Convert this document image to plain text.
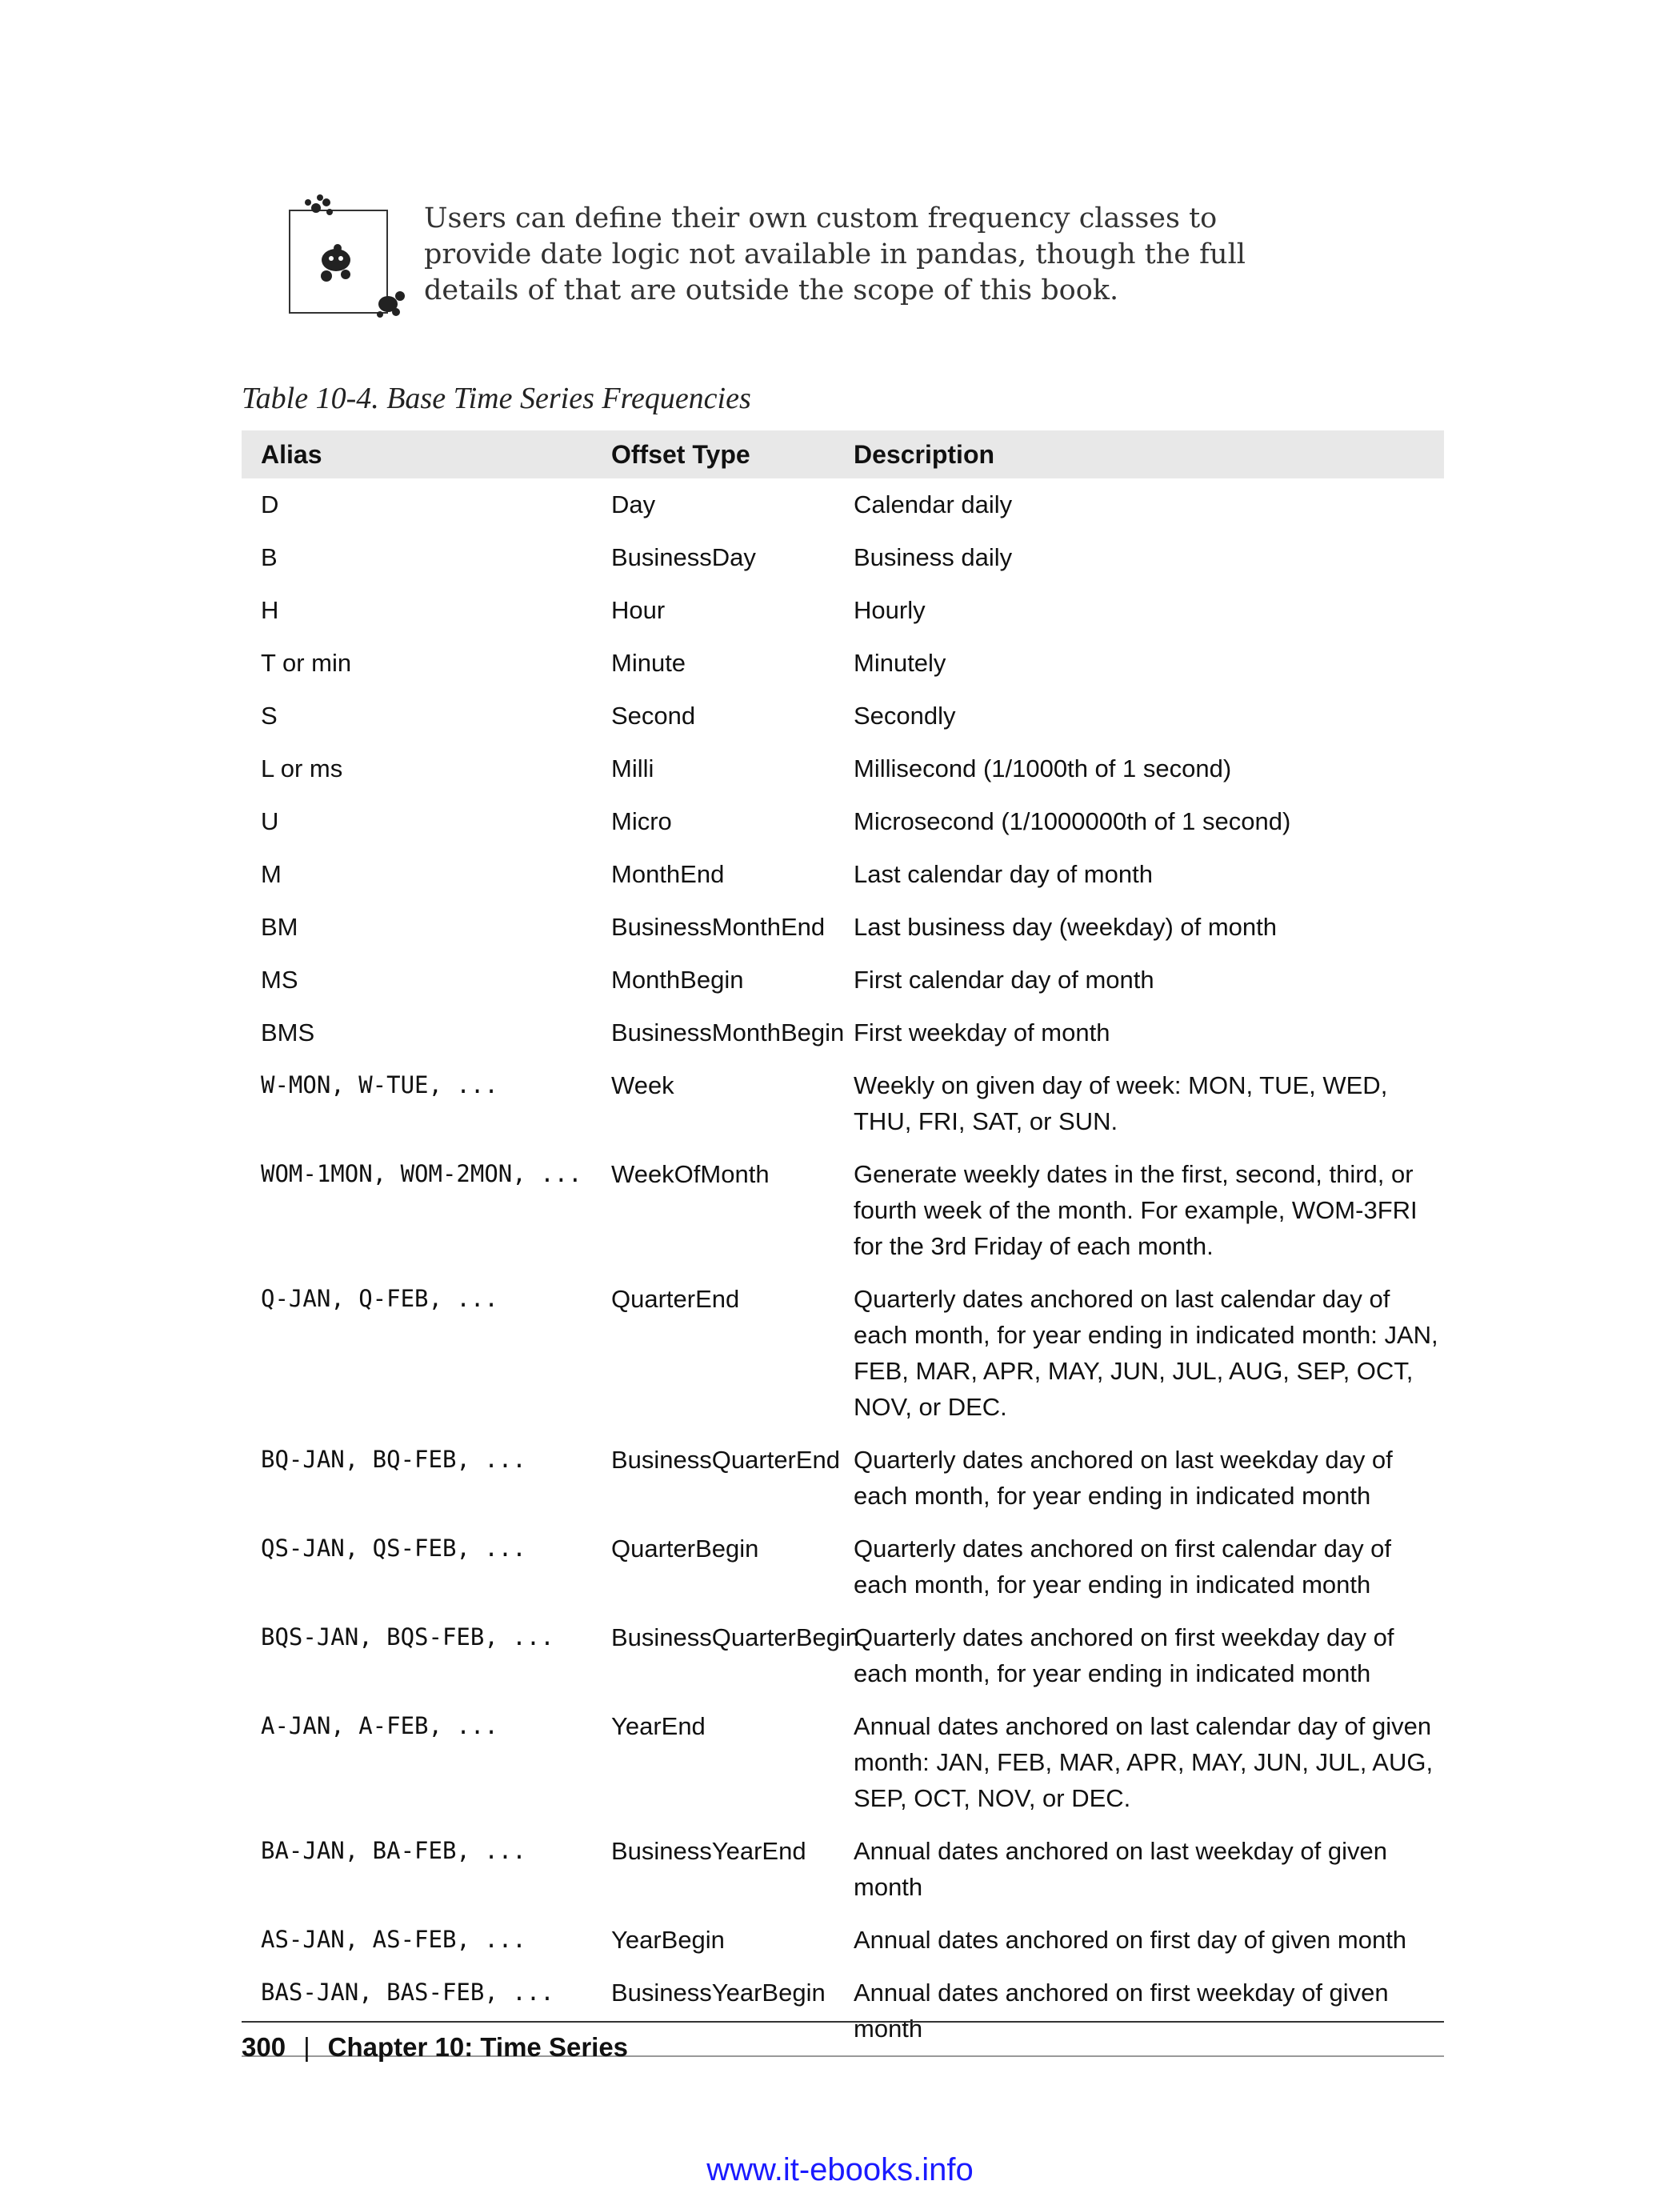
Users can define their own custom frequency classes to provide date logic not available in pandas, though the full details of that are outside the scope of this book.
Table 10-4. Base Time Series Frequencies
Alias	Offset Type	Description
D	Day	Calendar daily
B	BusinessDay	Business daily
H	Hour	Hourly
T or min	Minute	Minutely
S	Second	Secondly
L or ms	Milli	Millisecond (1/1000th of 1 second)
U	Micro	Microsecond (1/1000000th of 1 second)
M	MonthEnd	Last calendar day of month
BM	BusinessMonthEnd	Last business day (weekday) of month
MS	MonthBegin	First calendar day of month
BMS	BusinessMonthBegin	First weekday of month
W-MON, W-TUE, ...	Week	Weekly on given day of week: MON, TUE, WED, THU, FRI, SAT, or SUN.
WOM-1MON, WOM-2MON, ...	WeekOfMonth	Generate weekly dates in the first, second, third, or fourth week of the month. For example, WOM-3FRI for the 3rd Friday of each month.
Q-JAN, Q-FEB, ...	QuarterEnd	Quarterly dates anchored on last calendar day of each month, for year ending in indicated month: JAN, FEB, MAR, APR, MAY, JUN, JUL, AUG, SEP, OCT, NOV, or DEC.
BQ-JAN, BQ-FEB, ...	BusinessQuarterEnd	Quarterly dates anchored on last weekday day of each month, for year ending in indicated month
QS-JAN, QS-FEB, ...	QuarterBegin	Quarterly dates anchored on first calendar day of each month, for year ending in indicated month
BQS-JAN, BQS-FEB, ...	BusinessQuarterBegin	Quarterly dates anchored on first weekday day of each month, for year ending in indicated month
A-JAN, A-FEB, ...	YearEnd	Annual dates anchored on last calendar day of given month: JAN, FEB, MAR, APR, MAY, JUN, JUL, AUG, SEP, OCT, NOV, or DEC.
BA-JAN, BA-FEB, ...	BusinessYearEnd	Annual dates anchored on last weekday of given month
AS-JAN, AS-FEB, ...	YearBegin	Annual dates anchored on first day of given month
BAS-JAN, BAS-FEB, ...	BusinessYearBegin	Annual dates anchored on first weekday of given month
300 | Chapter 10: Time Series
www.it-ebooks.info
